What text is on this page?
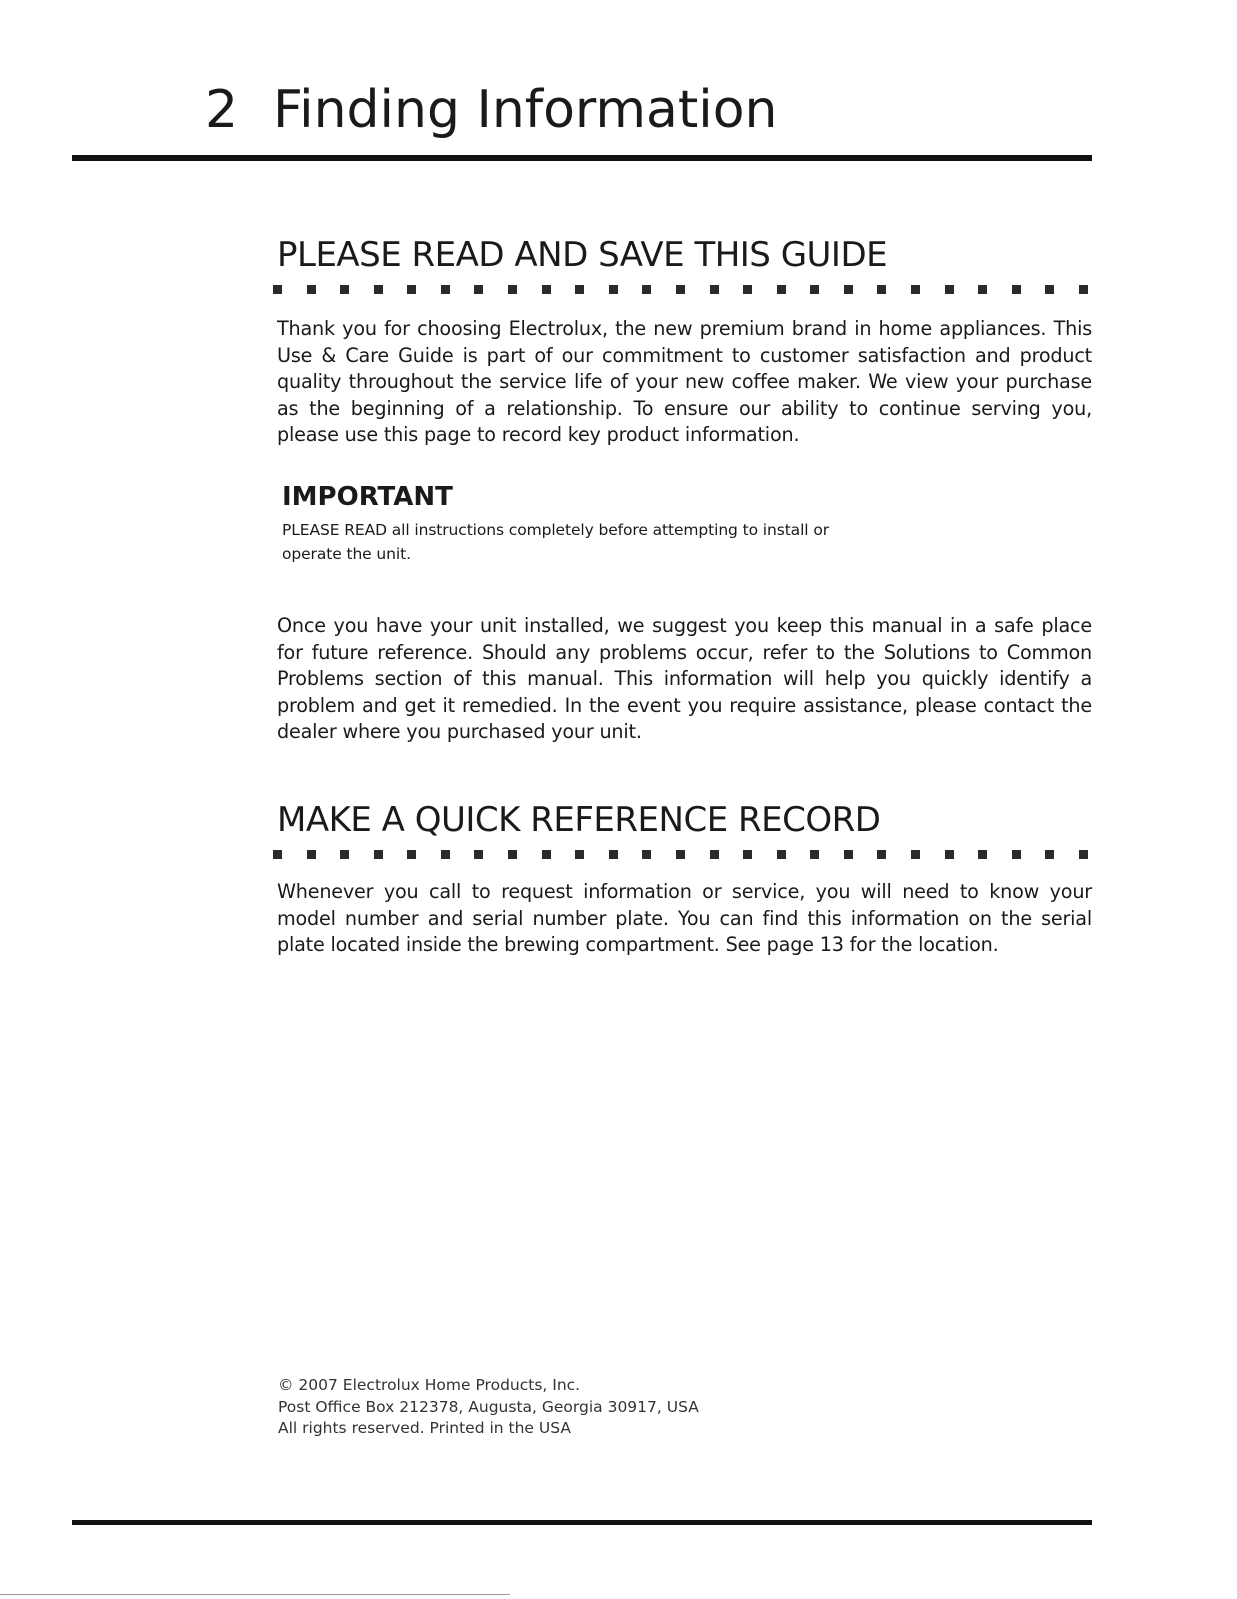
2 Finding Information
PLEASE READ AND SAVE THIS GUIDE

Thank you for choosing Electrolux, the new premium brand in home appliances. This Use & Care Guide is part of our commitment to customer satisfaction and product quality throughout the service life of your new coffee maker. We view your purchase as the beginning of a relationship. To ensure our ability to continue serving you, please use this page to record key product information.

IMPORTANT

PLEASE READ all instructions completely before attempting to install or

operate the unit.

Once you have your unit installed, we suggest you keep this manual in a safe place for future reference. Should any problems occur, refer to the Solutions to Common Problems section of this manual. This information will help you quickly identify a problem and get it remedied. In the event you require assistance, please contact the dealer where you purchased your unit.

MAKE A QUICK REFERENCE RECORD

Whenever you call to request information or service, you will need to know your model number and serial number plate. You can find this information on the serial plate located inside the brewing compartment. See page 13 for the location.

© 2007 Electrolux Home Products, Inc.
Post Office Box 212378, Augusta, Georgia 30917, USA
All rights reserved. Printed in the USA
